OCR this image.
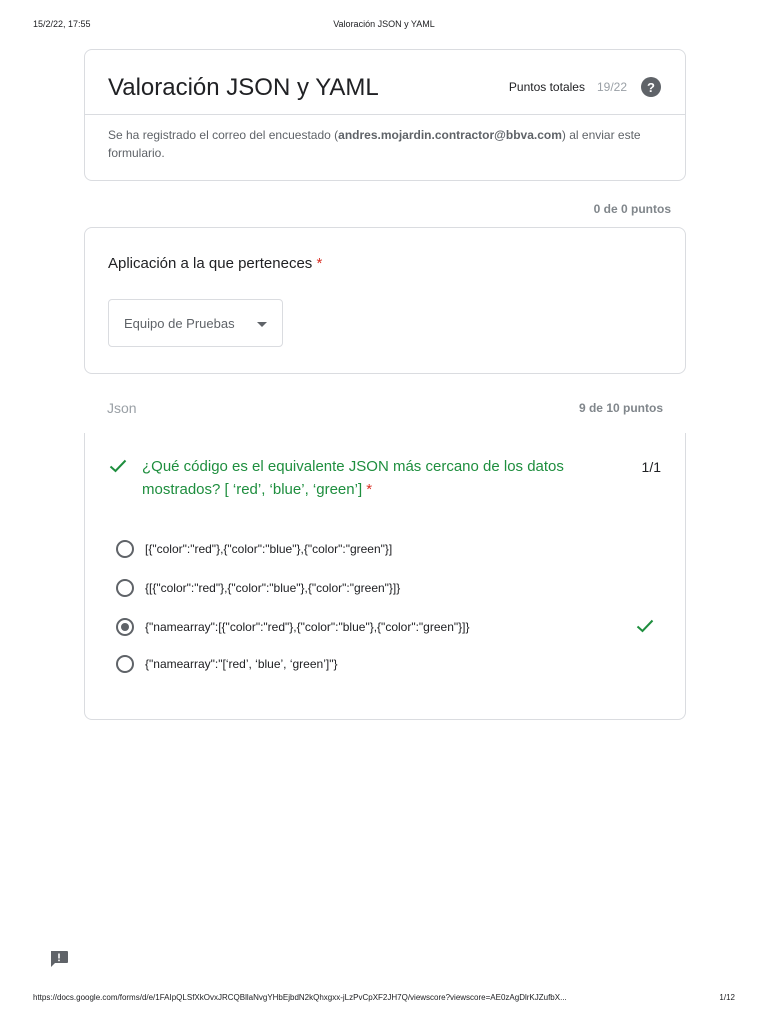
15/2/22, 17:55	Valoración JSON y YAML
Valoración JSON y YAML	Puntos totales 19/22	?
Se ha registrado el correo del encuestado (andres.mojardin.contractor@bbva.com) al enviar este formulario.
0 de 0 puntos
Aplicación a la que perteneces *
Equipo de Pruebas
Json	9 de 10 puntos
¿Qué código es el equivalente JSON más cercano de los datos mostrados? [ ‘red’, ‘blue’, ‘green’] *
1/1
[{"color":"red"},{"color":"blue"},{"color":"green"}]
{[{"color":"red"},{"color":"blue"},{"color":"green"}]}
{"namearray":[{"color":"red"},{"color":"blue"},{"color":"green"}]}
{"namearray":"[‘red’, ‘blue’, ‘green’]"}
https://docs.google.com/forms/d/e/1FAIpQLSfXkOvxJRCQBllaNvgYHbEjbdN2kQhxgxx-jLzPvCpXF2JH7Q/viewscore?viewscore=AE0zAgDlrKJZufbX...	1/12
